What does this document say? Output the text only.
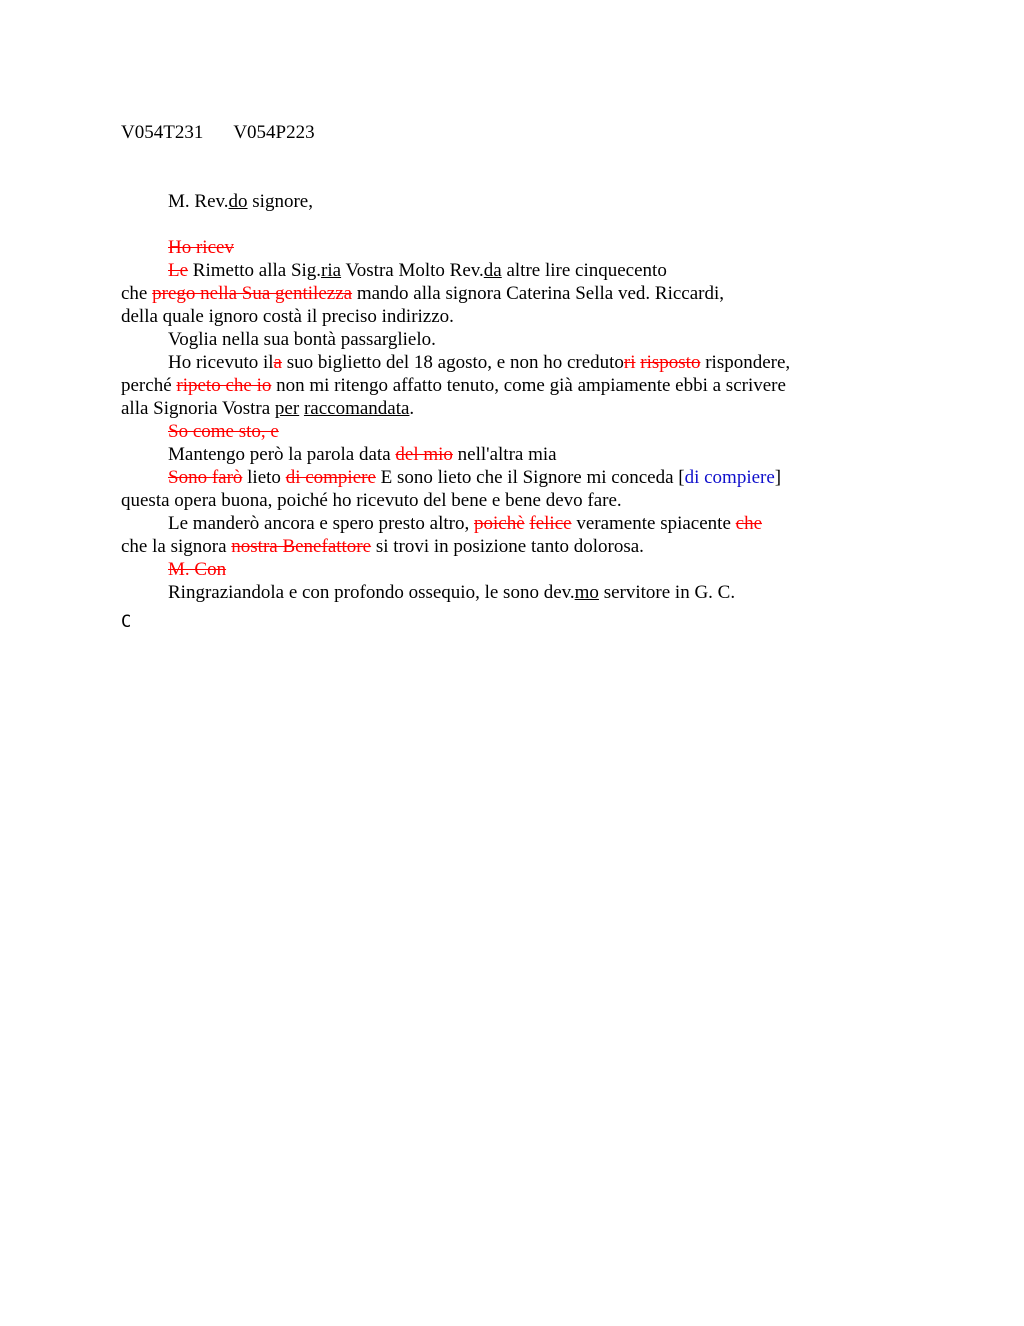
V054T231 V054P223
M. Rev.do signore,
Ho ricev
Le Rimetto alla Sig.ria Vostra Molto Rev.da altre lire cinquecento
che prego nella Sua gentilezza mando alla signora Caterina Sella ved. Riccardi,
della quale ignoro costà il preciso indirizzo.
Voglia nella sua bontà passarglielo.
Ho ricevuto ila suo biglietto del 18 agosto, e non ho credutori risposto rispondere,
perché ripeto che io non mi ritengo affatto tenuto, come già ampiamente ebbi a scrivere
alla Signoria Vostra per raccomandata.
So come sto, e
Mantengo però la parola data del mio nell'altra mia
Sono farò lieto di compiere E sono lieto che il Signore mi conceda [di compiere]
questa opera buona, poiché ho ricevuto del bene e bene devo fare.
Le manderò ancora e spero presto altro, poichè felice veramente spiacente che
che la signora nostra Benefattore si trovi in posizione tanto dolorosa.
M. Con
Ringraziandola e con profondo ossequio, le sono dev.mo servitore in G. C.
C
